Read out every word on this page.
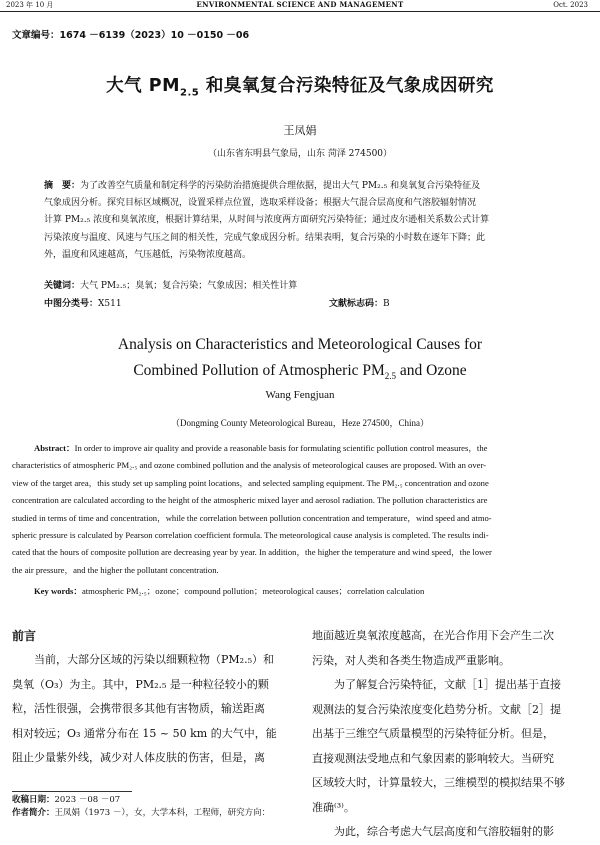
2023 年 10 月	ENVIRONMENTAL SCIENCE AND MANAGEMENT	Oct. 2023
文章编号：1674 －6139（2023）10 －0150 －06
大气 $PM_{2.5}$ 和臭氧复合污染特征及气象成因研究
王凤娟
（山东省东明县气象局，山东 菏泽 274500）
摘　要：为了改善空气质量和制定科学的污染防治措施提供合理依据，提出大气 PM₂.₅ 和臭氧复合污染特征及
气象成因分析。探究目标区域概况，设置采样点位置，选取采样设备；根据大气混合层高度和气溶胶辐射情况
计算 PM₂.₅ 浓度和臭氧浓度，根据计算结果，从时间与浓度两方面研究污染特征；通过皮尔逊相关系数公式计算
污染浓度与温度、风速与气压之间的相关性，完成气象成因分析。结果表明，复合污染的小时数在逐年下降；此
外，温度和风速越高，气压越低，污染物浓度越高。
关键词：大气 PM₂.₅；臭氧；复合污染；气象成因；相关性计算
中图分类号：X511	文献标志码：B
Analysis on Characteristics and Meteorological Causes for
Combined Pollution of Atmospheric $PM_{2.5}$ and Ozone
Wang Fengjuan
（Dongming County Meteorological Bureau，Heze 274500，China）
Abstract：In order to improve air quality and provide a reasonable basis for formulating scientific pollution control measures，the
characteristics of atmospheric PM₂.₅ and ozone combined pollution and the analysis of meteorological causes are proposed. With an over-
view of the target area，this study set up sampling point locations，and selected sampling equipment. The PM₂.₅ concentration and ozone
concentration are calculated according to the height of the atmospheric mixed layer and aerosol radiation. The pollution characteristics are
studied in terms of time and concentration，while the correlation between pollution concentration and temperature，wind speed and atmo-
spheric pressure is calculated by Pearson correlation coefficient formula. The meteorological cause analysis is completed. The results indi-
cated that the hours of composite pollution are decreasing year by year. In addition，the higher the temperature and wind speed，the lower
the air pressure，and the higher the pollutant concentration.
Key words：atmospheric PM₂.₅；ozone；compound pollution；meteorological causes；correlation calculation
前言
当前，大部分区域的污染以细颗粒物（PM₂.₅）和
臭氧（O₃）为主。其中，PM₂.₅ 是一种粒径较小的颗
粒，活性很强，会携带很多其他有害物质，输送距离
相对较远；O₃ 通常分布在 15 ~ 50 km 的大气中，能
阻止少量紫外线，减少对人体皮肤的伤害，但是，离
地面越近臭氧浓度越高，在光合作用下会产生二次
污染，对人类和各类生物造成严重影响。
为了解复合污染特征，文献［1］提出基于直接
观测法的复合污染浓度变化趋势分析。文献［2］提
出基于三维空气质量模型的污染特征分析。但是，
直接观测法受地点和气象因素的影响较大。当研究
区域较大时，计算量较大，三维模型的模拟结果不够
准确⁽³⁾。
为此，综合考虑大气层高度和气溶胶辐射的影
收稿日期：2023 －08 －07
作者简介：王凤娟（1973 －），女，大学本科，工程师，研究方向：
